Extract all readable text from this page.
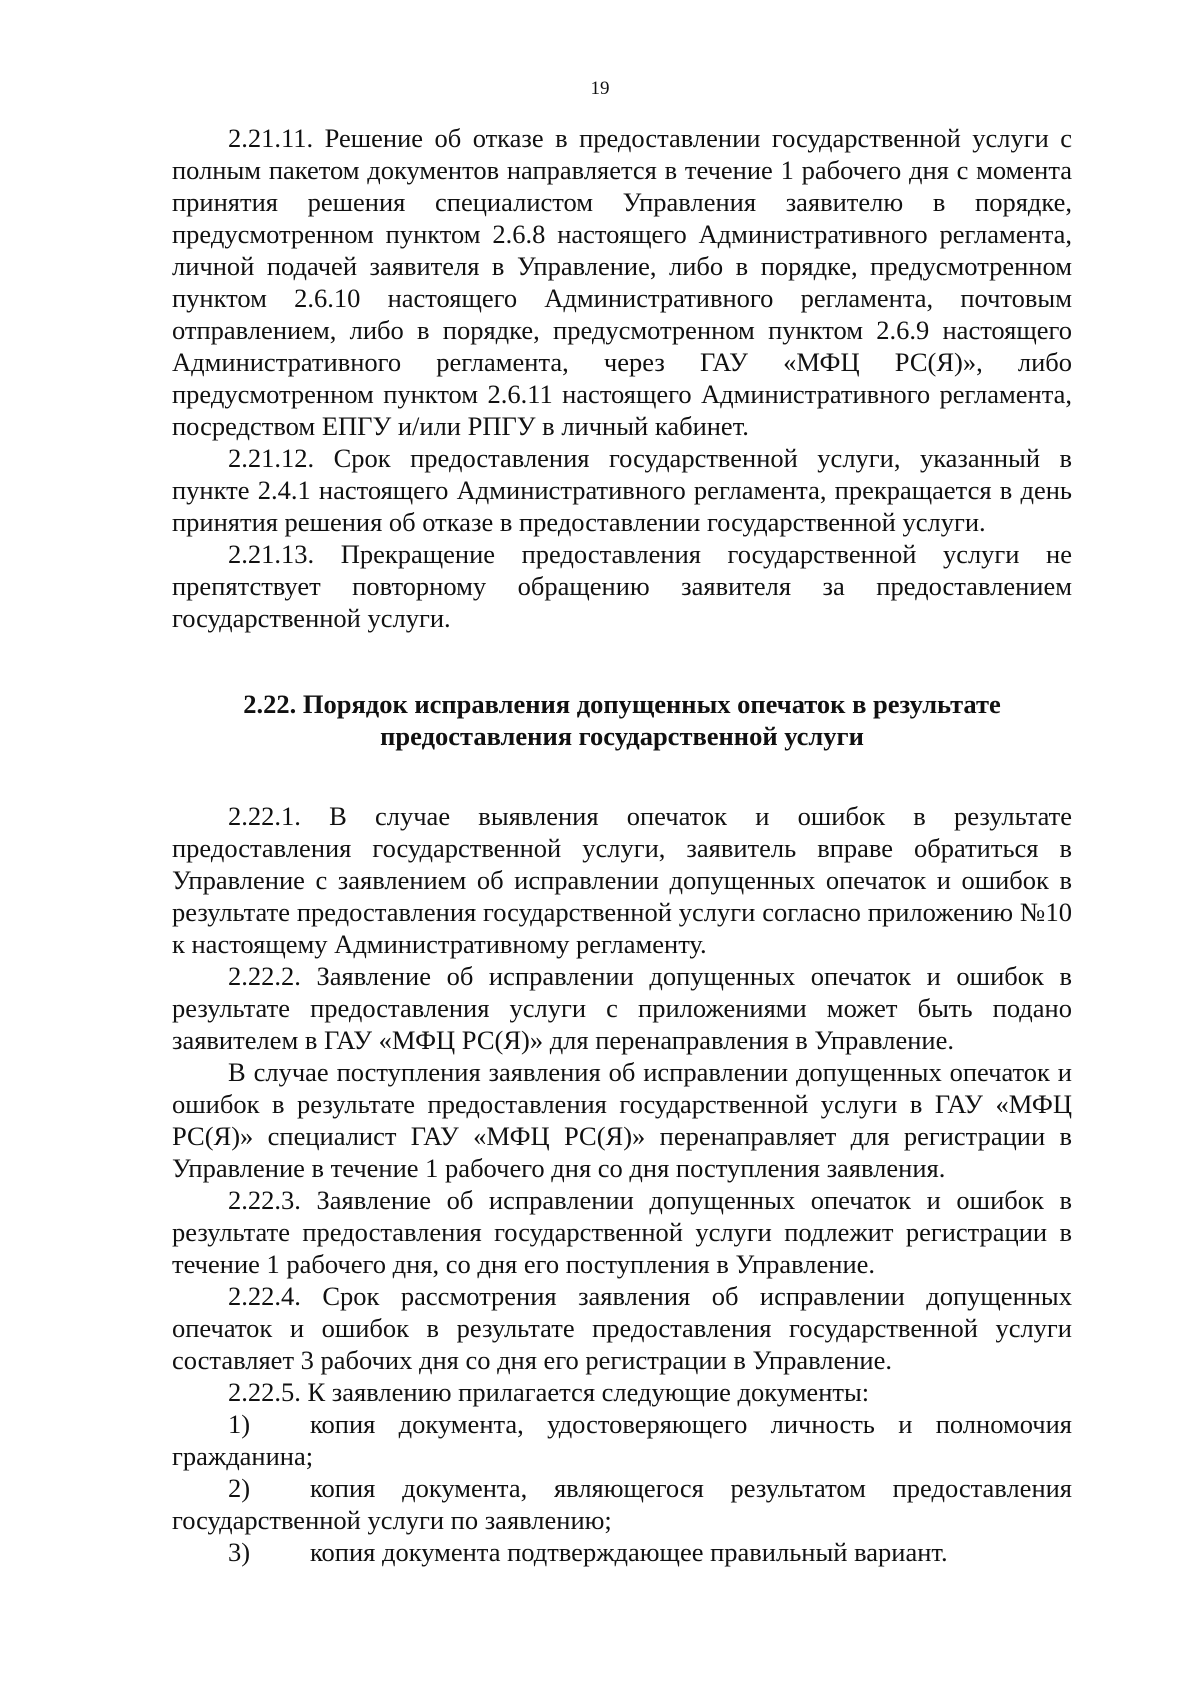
19

2.21.11. Решение об отказе в предоставлении государственной услуги с полным пакетом документов направляется в течение 1 рабочего дня с момента принятия решения специалистом Управления заявителю в порядке, предусмотренном пунктом 2.6.8 настоящего Административного регламента, личной подачей заявителя в Управление, либо в порядке, предусмотренном пунктом 2.6.10 настоящего Административного регламента, почтовым отправлением, либо в порядке, предусмотренном пунктом 2.6.9 настоящего Административного регламента, через ГАУ «МФЦ РС(Я)», либо предусмотренном пунктом 2.6.11 настоящего Административного регламента, посредством ЕПГУ и/или РПГУ в личный кабинет.

2.21.12. Срок предоставления государственной услуги, указанный в пункте 2.4.1 настоящего Административного регламента, прекращается в день принятия решения об отказе в предоставлении государственной услуги.

2.21.13. Прекращение предоставления государственной услуги не препятствует повторному обращению заявителя за предоставлением государственной услуги.

2.22. Порядок исправления допущенных опечаток в результате
предоставления государственной услуги

2.22.1. В случае выявления опечаток и ошибок в результате предоставления государственной услуги, заявитель вправе обратиться в Управление с заявлением об исправлении допущенных опечаток и ошибок в результате предоставления государственной услуги согласно приложению №10 к настоящему Административному регламенту.

2.22.2. Заявление об исправлении допущенных опечаток и ошибок в результате предоставления услуги с приложениями может быть подано заявителем в ГАУ «МФЦ РС(Я)» для перенаправления в Управление.

В случае поступления заявления об исправлении допущенных опечаток и ошибок в результате предоставления государственной услуги в ГАУ «МФЦ РС(Я)» специалист ГАУ «МФЦ РС(Я)» перенаправляет для регистрации в Управление в течение 1 рабочего дня со дня поступления заявления.

2.22.3. Заявление об исправлении допущенных опечаток и ошибок в результате предоставления государственной услуги подлежит регистрации в течение 1 рабочего дня, со дня его поступления в Управление.

2.22.4. Срок рассмотрения заявления об исправлении допущенных опечаток и ошибок в результате предоставления государственной услуги составляет 3 рабочих дня со дня его регистрации в Управление.

2.22.5. К заявлению прилагается следующие документы:

1) копия документа, удостоверяющего личность и полномочия гражданина;

2) копия документа, являющегося результатом предоставления государственной услуги по заявлению;

3) копия документа подтверждающее правильный вариант.
